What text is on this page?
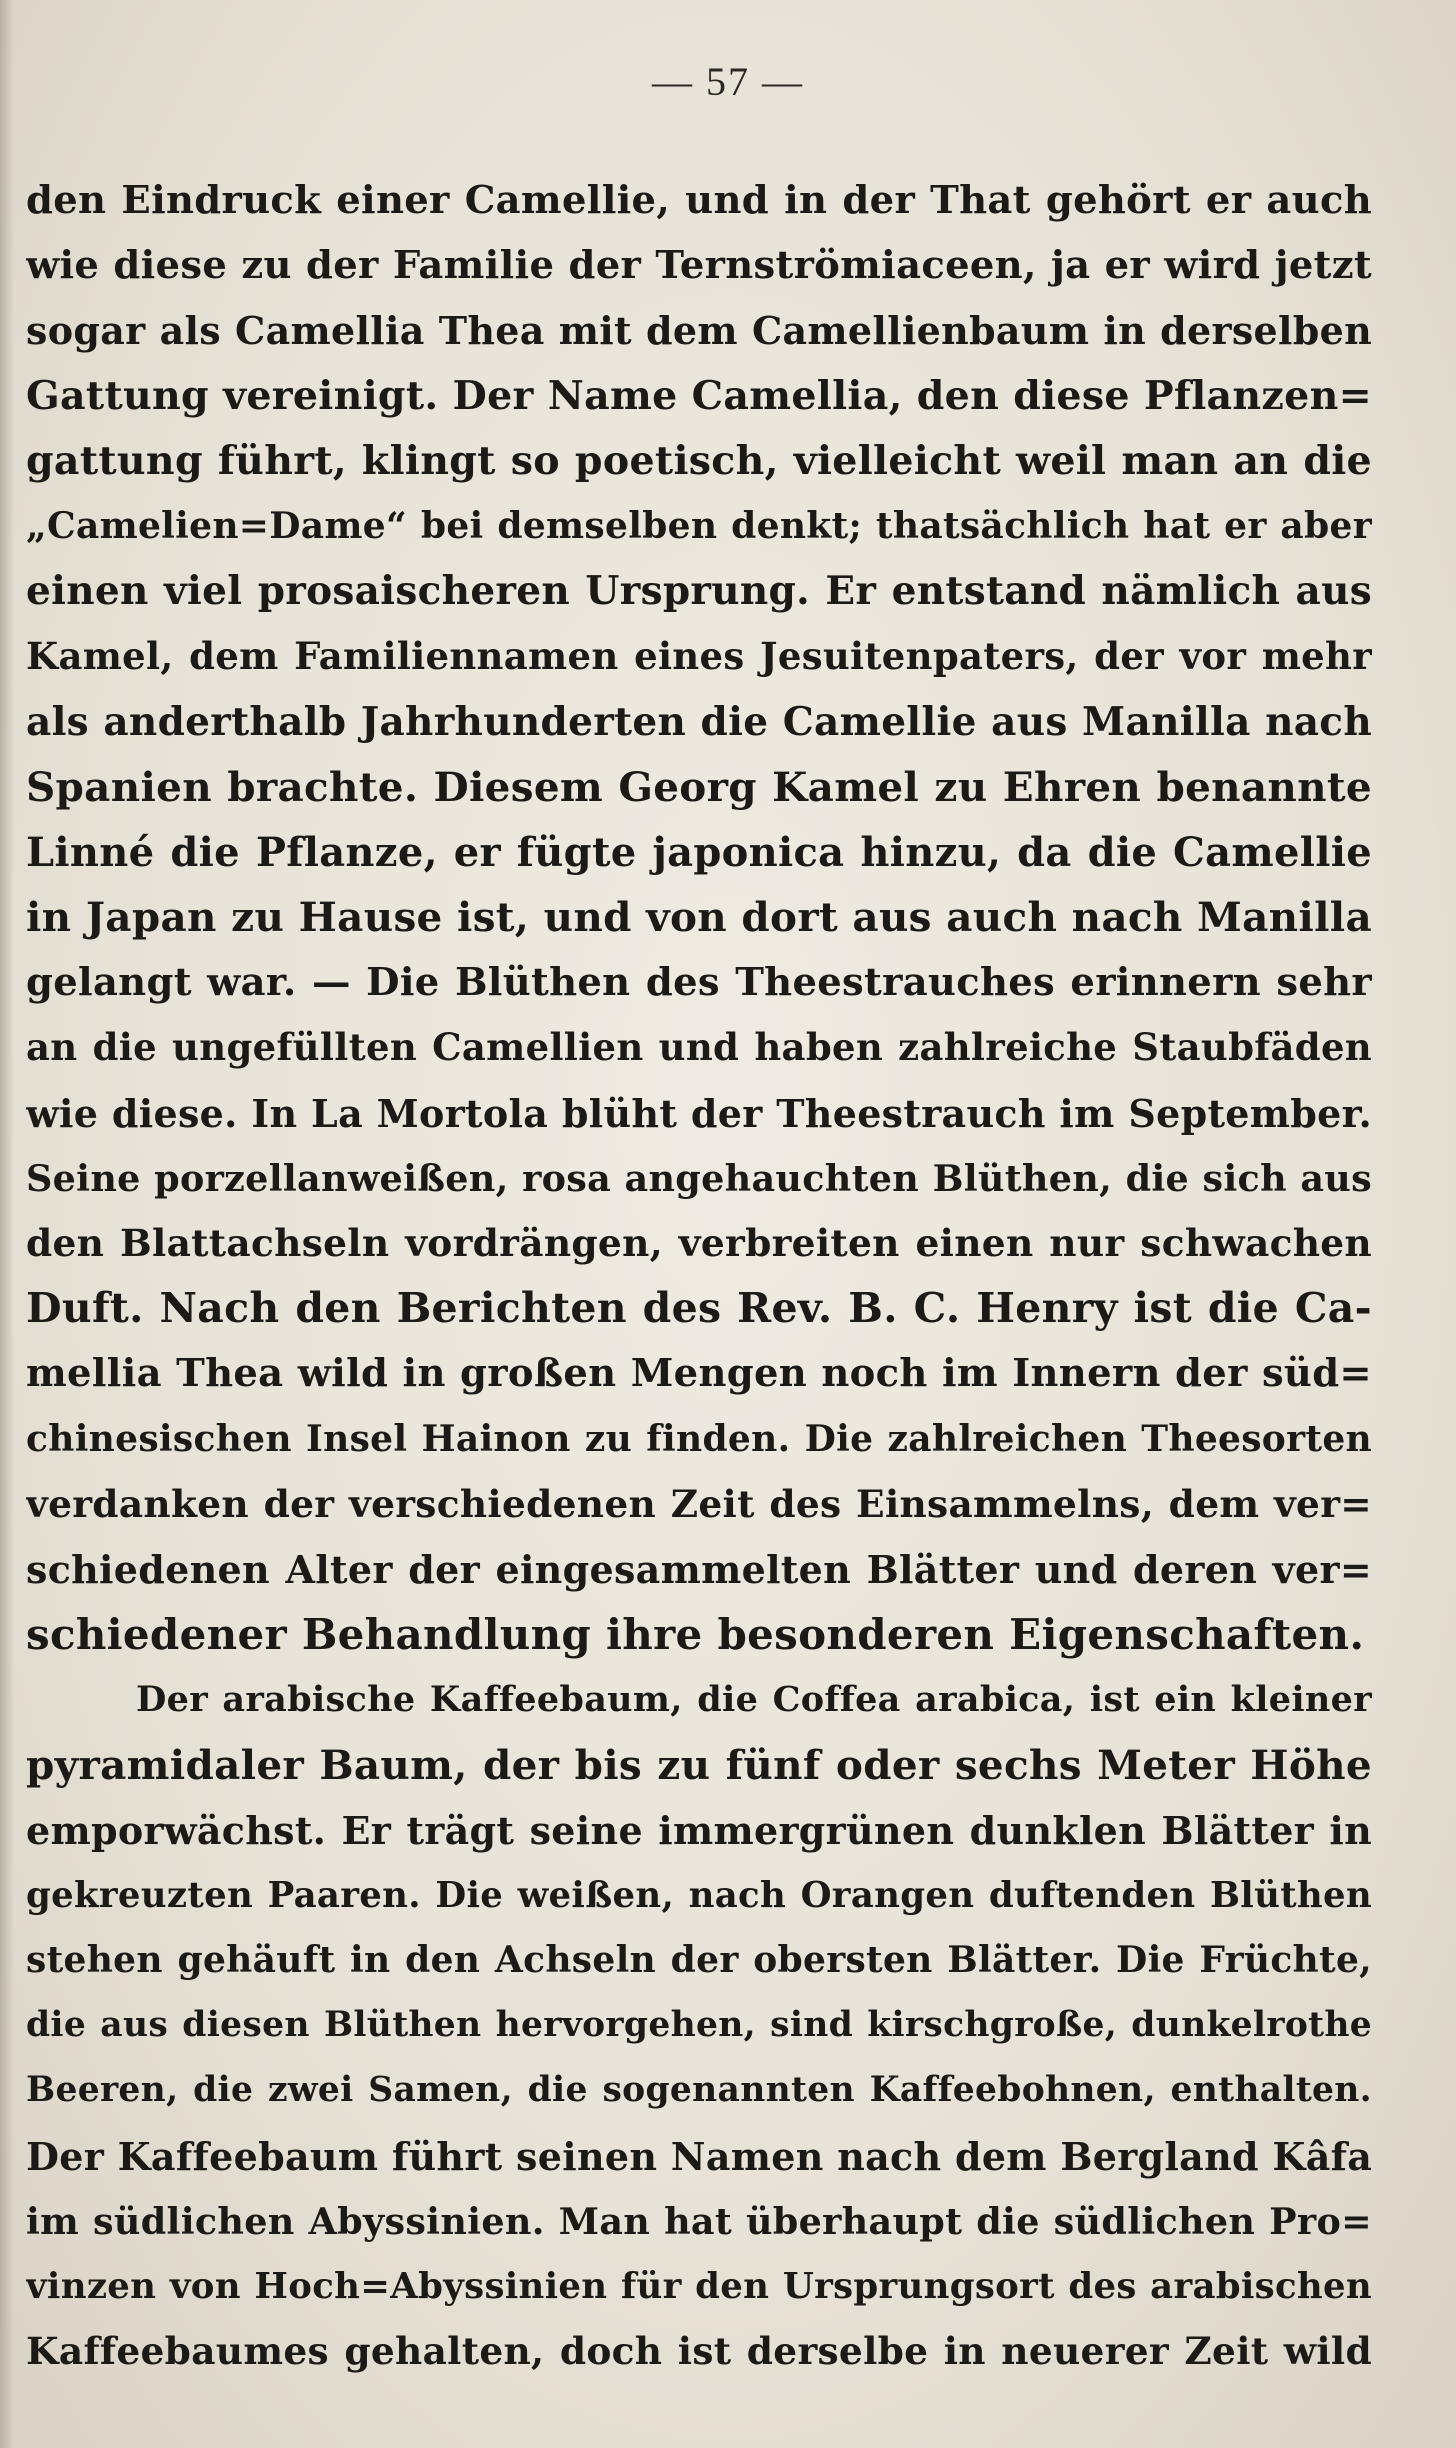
— 57 —
den Eindruck einer Camellie, und in der That gehört er auch
wie diese zu der Familie der Ternströmiaceen, ja er wird jetzt
sogar als Camellia Thea mit dem Camellienbaum in derselben
Gattung vereinigt. Der Name Camellia, den diese Pflanzen=
gattung führt, klingt so poetisch, vielleicht weil man an die
„Camelien=Dame“ bei demselben denkt; thatsächlich hat er aber
einen viel prosaischeren Ursprung. Er entstand nämlich aus
Kamel, dem Familiennamen eines Jesuitenpaters, der vor mehr
als anderthalb Jahrhunderten die Camellie aus Manilla nach
Spanien brachte. Diesem Georg Kamel zu Ehren benannte
Linné die Pflanze, er fügte japonica hinzu, da die Camellie
in Japan zu Hause ist, und von dort aus auch nach Manilla
gelangt war. — Die Blüthen des Theestrauches erinnern sehr
an die ungefüllten Camellien und haben zahlreiche Staubfäden
wie diese. In La Mortola blüht der Theestrauch im September.
Seine porzellanweißen, rosa angehauchten Blüthen, die sich aus
den Blattachseln vordrängen, verbreiten einen nur schwachen
Duft. Nach den Berichten des Rev. B. C. Henry ist die Ca-
mellia Thea wild in großen Mengen noch im Innern der süd=
chinesischen Insel Hainon zu finden. Die zahlreichen Theesorten
verdanken der verschiedenen Zeit des Einsammelns, dem ver=
schiedenen Alter der eingesammelten Blätter und deren ver=
schiedener Behandlung ihre besonderen Eigenschaften.
Der arabische Kaffeebaum, die Coffea arabica, ist ein kleiner
pyramidaler Baum, der bis zu fünf oder sechs Meter Höhe
emporwächst. Er trägt seine immergrünen dunklen Blätter in
gekreuzten Paaren. Die weißen, nach Orangen duftenden Blüthen
stehen gehäuft in den Achseln der obersten Blätter. Die Früchte,
die aus diesen Blüthen hervorgehen, sind kirschgroße, dunkelrothe
Beeren, die zwei Samen, die sogenannten Kaffeebohnen, enthalten.
Der Kaffeebaum führt seinen Namen nach dem Bergland Kâfa
im südlichen Abyssinien. Man hat überhaupt die südlichen Pro=
vinzen von Hoch=Abyssinien für den Ursprungsort des arabischen
Kaffeebaumes gehalten, doch ist derselbe in neuerer Zeit wild
